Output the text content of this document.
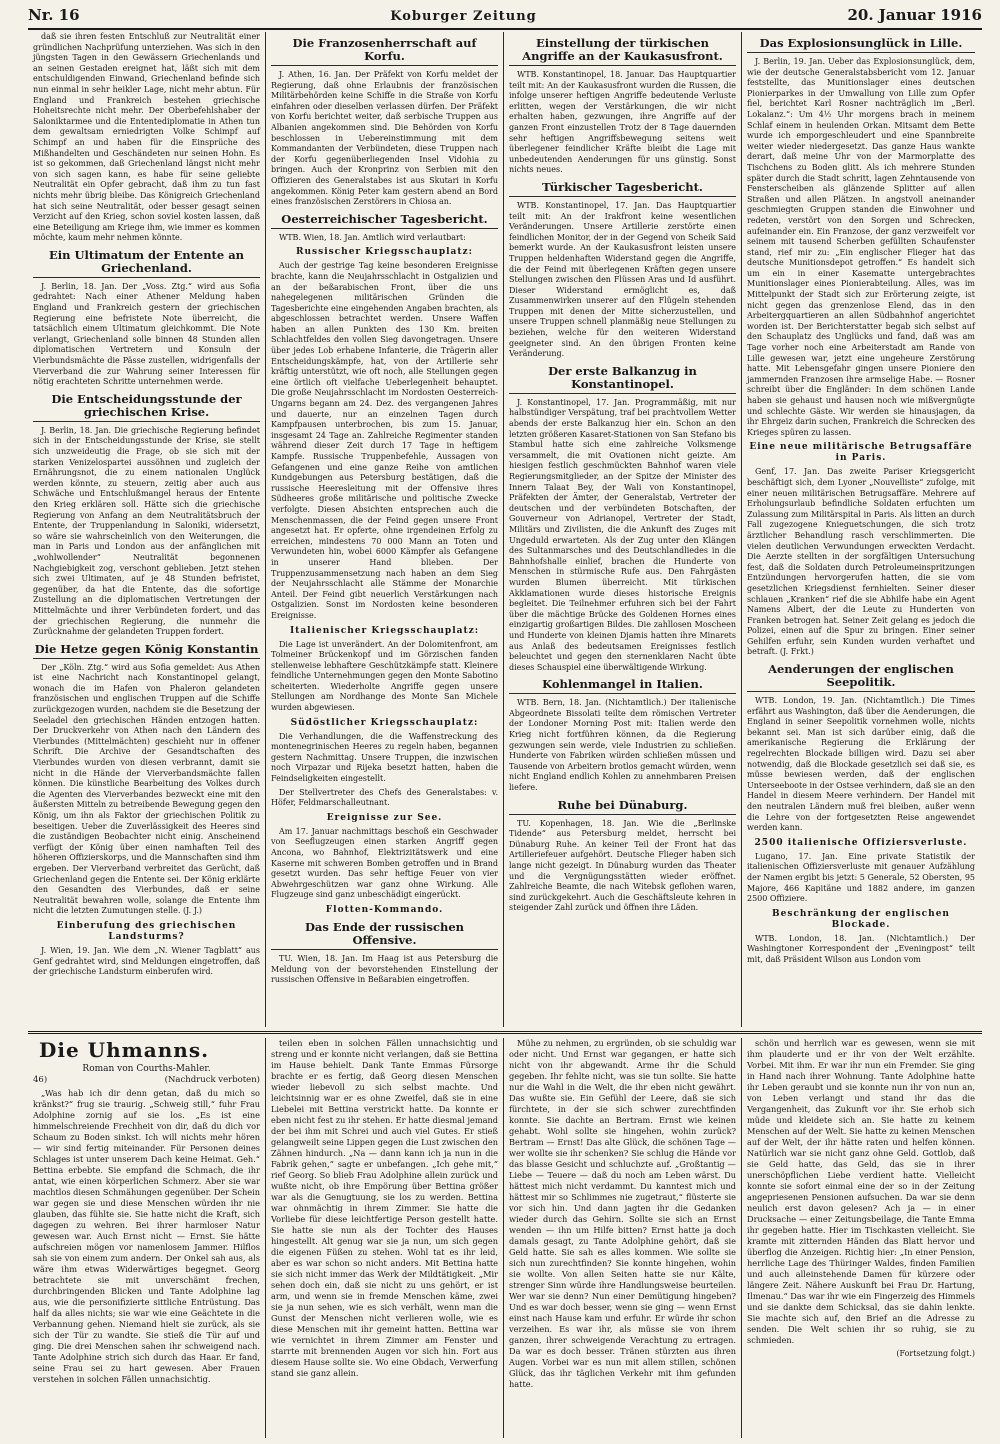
Nr. 16	Koburger Zeitung	20. Januar 1916

daß sie ihren festen Entschluß zur Neutralität einer gründlichen Nachprüfung unterziehen. Was sich in den jüngsten Tagen in den Gewässern Griechenlands und an seinen Gestaden ereignet hat, läßt sich mit dem entschuldigenden Einwand, Griechenland befinde sich nun einmal in sehr heikler Lage, nicht mehr abtun. Für England und Frankreich bestehen griechische Hoheitsrechte nicht mehr. Der Oberbefehlshaber der Saloniktarmee und die Ententediplomatie in Athen tun dem gewaltsam erniedrigten Volke Schimpf auf Schimpf an und haben für die Einsprüche des Mißhandelten und Geschändeten nur seinen Hohn. Es ist so gekommen, daß Griechenland längst nicht mehr von sich sagen kann, es habe für seine geliebte Neutralität ein Opfer gebracht, daß ihm zu tun fast nichts mehr übrig bleibe. Das Königreich Griechenland hat sich seine Neutralität, oder besser gesagt seinen Verzicht auf den Krieg, schon soviel kosten lassen, daß eine Beteiligung am Kriege ihm, wie immer es kommen möchte, kaum mehr nehmen könnte.

Ein Ultimatum der Entente an Griechenland.

J. Berlin, 18. Jan. Der „Voss. Ztg.“ wird aus Sofia gedrahtet: Nach einer Athener Meldung haben England und Frankreich gestern der griechischen Regierung eine befristete Note überreicht, die tatsächlich einem Ultimatum gleichkommt. Die Note verlangt, Griechenland solle binnen 48 Stunden allen diplomatischen Vertretern und Konsuln der Vierbundsmächte die Pässe zustellen, widrigenfalls der Vierverband die zur Wahrung seiner Interessen für nötig erachteten Schritte unternehmen werde.

Die Entscheidungsstunde der griechischen Krise.

J. Berlin, 18. Jan. Die griechische Regierung befindet sich in der Entscheidungsstunde der Krise, sie stellt sich unzweideutig die Frage, ob sie sich mit der starken Venizelospartei aussöhnen und zugleich der Ernährungsnot, die zu einem nationalen Unglück werden könnte, zu steuern, zeitig aber auch aus Schwäche und Entschlußmangel heraus der Entente den Krieg erklären soll. Hätte sich die griechische Regierung von Anfang an dem Neutralitätsbruch der Entente, der Truppenlandung in Saloniki, widersetzt, so wäre sie wahrscheinlich von den Weiterungen, die man in Paris und London aus der anfänglichen mit „wohlwollender“ Neutralität begonnenen Nachgiebigkeit zog, verschont geblieben. Jetzt stehen sich zwei Ultimaten, auf je 48 Stunden befristet, gegenüber, da hat die Entente, das die sofortige Zustellung an die diplomatischen Vertretungen der Mittelmächte und ihrer Verbündeten fordert, und das der griechischen Regierung, die nunmehr die Zurücknahme der gelandeten Truppen fordert.

Die Hetze gegen König Konstantin

Der „Köln. Ztg.“ wird aus Sofia gemeldet: Aus Athen ist eine Nachricht nach Konstantinopel gelangt, wonach die im Hafen von Phaleron gelandeten französischen und englischen Truppen auf die Schiffe zurückgezogen wurden, nachdem sie die Besetzung der Seeladel den griechischen Händen entzogen hatten. Der Druckverkehr von Athen nach den Ländern des Vierbundes (Mittelmächten) geschieht nur in offener Schrift. Die Archive der Gesandtschaften des Vierbundes wurden von diesen verbrannt, damit sie nicht in die Hände der Vierverbandsmächte fallen können. Die künstliche Bearbeitung des Volkes durch die Agenten des Vierverbandes bezweckt eine mit den äußersten Mitteln zu betreibende Bewegung gegen den König, um ihn als Faktor der griechischen Politik zu beseitigen. Ueber die Zuverlässigkeit des Heeres sind die zuständigen Beobachter nicht einig. Anscheinend verfügt der König über einen namhaften Teil des höheren Offizierskorps, und die Mannschaften sind ihm ergeben. Der Vierverband verbreitet das Gerücht, daß Griechenland gegen die Entente sei. Der König erklärte den Gesandten des Vierbundes, daß er seine Neutralität bewahren wolle, solange die Entente ihm nicht die letzten Zumutungen stelle. (J. J.)

Einberufung des griechischen Landsturms?

J. Wien, 19. Jan. Wie dem „N. Wiener Tagblatt“ aus Genf gedrahtet wird, sind Meldungen eingetroffen, daß der griechische Landsturm einberufen wird.

Die Franzosenherrschaft auf Korfu.

J. Athen, 16. Jan. Der Präfekt von Korfu meldet der Regierung, daß ohne Erlaubnis der französischen Militärbehörden keine Schiffe in die Straße von Korfu einfahren oder dieselben verlassen dürfen. Der Präfekt von Korfu berichtet weiter, daß serbische Truppen aus Albanien angekommen sind. Die Behörden von Korfu beschlossen in Uebereinstimmung mit dem Kommandanten der Verbündeten, diese Truppen nach der Korfu gegenüberliegenden Insel Vidohia zu bringen. Auch der Kronprinz von Serbien mit den Offizieren des Generalstabes ist aus Skutari in Korfu angekommen. König Peter kam gestern abend an Bord eines französischen Zerstörers in Chiosa an.

Oesterreichischer Tagesbericht.

WTB. Wien, 18. Jan. Amtlich wird verlautbart:

Russischer Kriegsschauplatz:

Auch der gestrige Tag keine besonderen Ereignisse brachte, kann die Neujahrsschlacht in Ostgalizien und an der beßarabischen Front, über die uns nahegelegenen militärischen Gründen die Tagesberichte eine eingehenden Angaben brachten, als abgeschlossen betrachtet werden. Unsere Waffen haben an allen Punkten des 130 Km. breiten Schlachtfeldes den vollen Sieg davongetragen. Unsere über jedes Lob erhabene Infanterie, die Trägerin aller Entscheidungskämpfe, hat, von der Artillerie sehr kräftig unterstützt, wie oft noch, alle Stellungen gegen eine örtlich oft vielfache Ueberlegenheit behauptet. Die große Neujahrsschlacht im Nordosten Oesterreich-Ungarns begann am 24. Dez. des vergangenen Jahres und dauerte, nur an einzelnen Tagen durch Kampfpausen unterbrochen, bis zum 15. Januar, insgesamt 24 Tage an. Zahlreiche Regimenter standen während dieser Zeit durch 17 Tage in heftigem Kampfe. Russische Truppenbefehle, Aussagen von Gefangenen und eine ganze Reihe von amtlichen Kundgebungen aus Petersburg bestätigen, daß die russische Heeresleitung mit der Offensive ihres Südheeres große militärische und politische Zwecke verfolgte. Diesen Absichten entsprechen auch die Menschenmassen, die der Feind gegen unsere Front angesetzt hat. Er opferte, ohne irgendeinen Erfolg zu erreichen, mindestens 70 000 Mann an Toten und Verwundeten hin, wobei 6000 Kämpfer als Gefangene in unserer Hand blieben. Der Truppenzusammensetzung nach haben an dem Sieg der Neujahrsschlacht alle Stämme der Monarchie Anteil. Der Feind gibt neuerlich Verstärkungen nach Ostgalizien. Sonst im Nordosten keine besonderen Ereignisse.

Italienischer Kriegsschauplatz:

Die Lage ist unverändert. An der Dolomitenfront, am Tolmeiner Brückenkopf und im Görzischen fanden stellenweise lebhaftere Geschützkämpfe statt. Kleinere feindliche Unternehmungen gegen den Monte Sabotino scheiterten. Wiederholte Angriffe gegen unsere Stellungen am Nordhange des Monte San Michele wurden abgewiesen.

Südöstlicher Kriegsschauplatz:

Die Verhandlungen, die die Waffenstreckung des montenegrinischen Heeres zu regeln haben, begannen gestern Nachmittag. Unsere Truppen, die inzwischen noch Virpazar und Rijeka besetzt hatten, haben die Feindseligkeiten eingestellt.

Der Stellvertreter des Chefs des Generalstabes: v. Höfer, Feldmarschalleutnant.

Ereignisse zur See.

Am 17. Januar nachmittags beschoß ein Geschwader von Seeflugzeugen einen starken Angriff gegen Ancona, wo Bahnhof, Elektrizitätswerk und eine Kaserne mit schweren Bomben getroffen und in Brand gesetzt wurden. Das sehr heftige Feuer von vier Abwehrgeschützen war ganz ohne Wirkung. Alle Flugzeuge sind ganz unbeschädigt eingerückt.

Flotten-Kommando.
Das Ende der russischen Offensive.

TU. Wien, 18. Jan. Im Haag ist aus Petersburg die Meldung von der bevorstehenden Einstellung der russischen Offensive in Beßarabien eingetroffen.

Einstellung der türkischen Angriffe an der Kaukasusfront.

WTB. Konstantinopel, 18. Januar. Das Hauptquartier teilt mit: An der Kaukasusfront wurden die Russen, die infolge unserer heftigen Angriffe bedeutende Verluste erlitten, wegen der Verstärkungen, die wir nicht erhalten haben, gezwungen, ihre Angriffe auf der ganzen Front einzustellen Trotz der 8 Tage dauernden sehr heftigen Angriffsbewegung seitens weit überlegener feindlicher Kräfte bleibt die Lage mit unbedeutenden Aenderungen für uns günstig. Sonst nichts neues.

Türkischer Tagesbericht.

WTB. Konstantinopel, 17. Jan. Das Hauptquartier teilt mit: An der Irakfront keine wesentlichen Veränderungen. Unsere Artillerie zerstörte einen feindlichen Monitor, der in der Gegend von Scheik Said bemerkt wurde. An der Kaukasusfront leisten unsere Truppen heldenhaften Widerstand gegen die Angriffe, die der Feind mit überlegenen Kräften gegen unsere Stellungen zwischen den Flüssen Aras und Id ausführt. Dieser Widerstand ermöglicht es, daß Zusammenwirken unserer auf den Flügeln stehenden Truppen mit denen der Mitte sicherzustellen, und unsere Truppen schnell planmäßig neue Stellungen zu beziehen, welche für den weiteren Widerstand geeigneter sind. An den übrigen Fronten keine Veränderung.

Der erste Balkanzug in Konstantinopel.

J. Konstantinopel, 17. Jan. Programmäßig, mit nur halbstündiger Verspätung, traf bei prachtvollem Wetter abends der erste Balkanzug hier ein. Schon an den letzten größeren Kasaret-Stationen von San Stefano bis Stambul hatte sich eine zahlreiche Volksmenge versammelt, die mit Ovationen nicht geizte. Am hiesigen festlich geschmückten Bahnhof waren viele Regierungsmitglieder, an der Spitze der Minister des Innern Talaat Bey, der Wali von Konstantinopel, Präfekten der Ämter, der Generalstab, Vertreter der deutschen und der verbündeten Botschaften, der Gouverneur von Adrianopel, Vertreter der Stadt, Militärs und Zivilisten, die die Ankunft des Zuges mit Ungeduld erwarteten. Als der Zug unter den Klängen des Sultanmarsches und des Deutschlandliedes in die Bahnhofshalle einlief, brachen die Hunderte von Menschen in stürmische Rufe aus. Den Fahrgästen wurden Blumen überreicht. Mit türkischen Akklamationen wurde dieses historische Ereignis begleitet. Die Teilnehmer erfuhren sich bei der Fahrt über die mächtige Brücke des Goldenen Hornes eines einzigartig großartigen Bildes. Die zahllosen Moscheen und Hunderte von kleinen Djamis hatten ihre Minarets aus Anlaß des bedeutsamen Ereignisses festlich beleuchtet und gegen den sternenklaren Nacht übte dieses Schauspiel eine überwältigende Wirkung.

Kohlenmangel in Italien.

WTB. Bern, 18. Jan. (Nichtamtlich.) Der italienische Abgeordnete Bissolati teilte dem römischen Vertreter der Londoner Morning Post mit: Italien werde den Krieg nicht fortführen können, da die Regierung gezwungen sein werde, viele Industrien zu schließen. Hunderte von Fabriken würden schließen müssen und Tausende von Arbeitern brotlos gemacht würden, wenn nicht England endlich Kohlen zu annehmbaren Preisen liefere.

Ruhe bei Dünaburg.

TU. Kopenhagen, 18. Jan. Wie die „Berlinske Tidende“ aus Petersburg meldet, herrscht bei Dünaburg Ruhe. An keiner Teil der Front hat das Artilleriefeuer aufgehört. Deutsche Flieger haben sich lange nicht gezeigt. In Dünaburg wurden das Theater und die Vergnügungsstätten wieder eröffnet. Zahlreiche Beamte, die nach Witebsk geflohen waren, sind zurückgekehrt. Auch die Geschäftsleute kehren in steigender Zahl zurück und öffnen ihre Läden.

Das Explosionsunglück in Lille.

J. Berlin, 19. Jan. Ueber das Explosionsunglück, dem, wie der deutsche Generalstabsbericht vom 12. Januar feststellte, das Munitionslager eines deutschen Pionierparkes in der Umwallung von Lille zum Opfer fiel, berichtet Karl Rosner nachträglich im „Berl. Lokalanz.“: Um 4½ Uhr morgens brach in meinem Schlaf einem in heulenden Orkan. Mitsamt dem Bette wurde ich emporgeschleudert und eine Spannbreite weiter wieder niedergesetzt. Das ganze Haus wankte derart, daß meine Uhr von der Marmorplatte des Tischchens zu Boden glitt. Als ich mehrere Stunden später durch die Stadt schritt, lagen Zehntausende von Fensterscheiben als glänzende Splitter auf allen Straßen und allen Plätzen. In angstvoll aneinander geschmiegten Gruppen standen die Einwohner und redeten, verstört von den Sorgen und Schrecken, aufeinander ein. Ein Franzose, der ganz verzweifelt vor seinem mit tausend Scherben gefüllten Schaufenster stand, rief mir zu: „Ein englischer Flieger hat das deutsche Munitionsdepot getroffen.“ Es handelt sich um ein in einer Kasematte untergebrachtes Munitionslager eines Pionierabteilung. Alles, was im Mittelpunkt der Stadt sich zur Erörterung zeigte, ist nicht gegen das grenzenlose Elend, das in den Arbeitergquartieren an allen Südbahnhof angerichtet worden ist. Der Berichterstatter begab sich selbst auf den Schauplatz des Unglücks und fand, daß was am Tage vorher noch eine Arbeiterstadt am Rande von Lille gewesen war, jetzt eine ungeheure Zerstörung hatte. Mit Lebensgefahr gingen unsere Pioniere den jammernden Franzosen ihre armselige Habe. — Rosner schreibt über die Engländer: In dem schönen Lande haben sie gehaust und hausen noch wie mißvergnügte und schlechte Gäste. Wir werden sie hinausjagen, da ihr Ehrgeiz darin suchen, Frankreich die Schrecken des Krieges spüren zu lassen.

Eine neue militärische Betrugsaffäre in Paris.

Genf, 17. Jan. Das zweite Pariser Kriegsgericht beschäftigt sich, dem Lyoner „Nouvelliste“ zufolge, mit einer neuen militärischen Betrugsaffäre. Mehrere auf Erholungsurlaub befindliche Soldaten erfuchten um Zulassung zum Militärspital in Paris. Als litten an durch Fall zugezogene Knieguetschungen, die sich trotz ärztlicher Behandlung rasch verschlimmerten. Die vielen deutlichen Verwundungen erweckten Verdacht. Die Aerzte stellten in der sorgfältigen Untersuchung fest, daß die Soldaten durch Petroleumeinspritzungen Entzündungen hervorgerufen hatten, die sie vom gesetzlichen Kriegsdienst fernhielten. Seiner dieser schlauen „Kranken“ rief die sie Abhilfe habe ein Agent Namens Albert, der die Leute zu Hunderten von Franken betrogen hat. Seiner Zeit gelang es jedoch die Polizei, einen auf die Spur zu bringen. Einer seiner Gehilfen erfuhr, sein Kunden wurden verhaftet und betraft. (J. Frkt.)

Aenderungen der englischen Seepolitik.

WTB. London, 19. Jan. (Nichtamtlich.) Die Times erfährt aus Washington, daß über die Aenderungen, die England in seiner Seepolitik vornehmen wolle, nichts bekannt sei. Man ist sich darüber einig, daß die amerikanische Regierung die Erklärung der regelrechten Blockade billigen wird. Dazu sei aber notwendig, daß die Blockade gesetzlich sei daß sie, es müsse bewiesen werden, daß der englischen Unterseeboote in der Ostsee verhindern, daß sie an den Handel in diesem Meere verhindern. Der Handel mit den neutralen Ländern muß frei bleiben, außer wenn die Lehre von der fortgesetzten Reise angewendet werden kann.

2500 italienische Offiziersverluste.

Lugano, 17. Jan. Eine private Statistik der italienischen Offiziersverluste mit genauer Aufzählung der Namen ergibt bis jetzt: 5 Generale, 52 Obersten, 95 Majore, 466 Kapitäne und 1882 andere, im ganzen 2500 Offiziere.

Beschränkung der englischen Blockade.

WTB. London, 18. Jan. (Nichtamtlich.) Der Washingtoner Korrespondent der „Eveningpost“ teilt mit, daß Präsident Wilson aus London vom

Die Uhmanns.
Roman von Courths-Mahler.
46)	(Nachdruck verboten)

„Was hab ich dir denn getan, daß du mich so kränkst?“ frug sie traurig. „Schweig still,“ fuhr Frau Adolphine zornig auf sie los. „Es ist eine himmelschreiende Frechheit von dir, daß du dich vor Schaum zu Boden sinkst. Ich will nichts mehr hören — wir sind fertig miteinander. Für Personen deines Schlages ist unter unserem Dach keine Heimat. Geh.“ Bettina erbebte. Sie empfand die Schmach, die ihr antat, wie einen körperlichen Schmerz. Aber sie war machtlos diesen Schmähungen gegenüber. Der Schein war gegen sie und diese Menschen würden ihr nie glauben, das fühlte sie. Sie hatte nicht die Kraft, sich dagegen zu wehren. Bei ihrer harmloser Natur gewesen war. Auch Ernst nicht — Ernst. Sie hätte aufschreien mögen vor namenlosem Jammer. Hilflos sah sie von einem zum andern. Der Onkel sah aus, als wäre ihm etwas Widerwärtiges begegnet. Georg betrachtete sie mit unverschämt frechen, durchbringenden Blicken und Tante Adolphine lag aus, wie die personifizierte sittliche Entrüstung. Das half da alles nichts; sie war wie eine Geächtete in die Verbannung gehen. Niemand hielt sie zurück, als sie sich der Tür zu wandte. Sie stieß die Tür auf und ging. Die drei Menschen sahen ihr schweigend nach. Tante Adolphine strich sich durch das Haar. Er fand, seine Frau sei zu hart gewesen. Aber Frauen verstehen in solchen Fällen unnachsichtig.

teilen eben in solchen Fällen unnachsichtig und streng und er konnte nicht verlangen, daß sie Bettina im Hause behielt. Dank Tante Emmas Fürsorge brachte er es fertig, daß Georg diesen Menschen wieder liebevoll zu sich selbst machte. Und leichtsinnig war er es ohne Zweifel, daß sie in eine Liebelei mit Bettina verstrickt hatte. Da konnte er eben nicht fest zu ihr stehen. Er hatte diesmal jemand der bei ihm mit Schrei und auch viel Gutes. Er stieß gelangweilt seine Lippen gegen die Lust zwischen den Zähnen hindurch. „Na — dann kann ich ja nun in die Fabrik gehen,“ sagte er unbefangen. „Ich gehe mit,“ rief Georg. So blieb Frau Adolphine allein zurück und wußte nicht, ob ihre Empörung über Bettina größer war als die Genugtuung, sie los zu werden. Bettina war ohnmächtig in ihrem Zimmer. Sie hatte die Vorliebe für diese leichtfertige Person gestellt hatte. Sie hatte sie nun als der Tochter des Hauses hingestellt. Alt genug war sie ja nun, um sich gegen die eigenen Füßen zu stehen. Wohl tat es ihr leid, aber es war schon so nicht anders. Mit Bettina hatte sie sich nicht immer das Werk der Mildtätigkeit. „Mir sehen doch ein, daß sie nicht zu uns gehört, er ist arm, und wenn sie in fremde Menschen käme, zwei sie ja nun sehen, wie es sich verhält, wenn man die Gunst der Menschen nicht verlieren wolle, wie es diese Menschen mit ihr gemeint hatten. Bettina war wie vernichtet in ihrem Zimmer am Fenster und starrte mit brennenden Augen vor sich hin. Fort aus diesem Hause sollte sie. Wo eine Obdach, Verwerfung stand sie ganz allein.

Mühe zu nehmen, zu ergründen, ob sie schuldig war oder nicht. Und Ernst war gegangen, er hatte sich nicht von ihr abgewandt. Arme ihr die Schuld gegeben. Ihr fehlte nicht, was sie tun sollte. Sie hatte nur die Wahl in die Welt, die ihr eben nicht gewährt. Das wußte sie. Ein Gefühl der Leere, daß sie sich fürchtete, in der sie sich schwer zurechtfinden konnte. Sie dachte an Bertram. Ernst wie keinen gehabt. Wohl sollte sie hingehen, wohin zurück? Bertram — Ernst! Das alte Glück, die schönen Tage — wer wollte sie ihr schenken? Sie schlug die Hände vor das blasse Gesicht und schluchzte auf. „Großtantig — Liebe — Teuere — daß du noch am Leben wärst. Du hättest mich nicht verdammt. Du kanntest mich und hättest mir so Schlimmes nie zugetraut,“ flüsterte sie vor sich hin. Und dann jagten ihr die Gedanken wieder durch das Gehirn. Sollte sie sich an Ernst wenden — ihn um Hilfe bitten? Ernst hatte ja doch damals gesagt, zu Tante Adolphine gehört, daß sie Geld hatte. Sie sah es alles kommen. Wie sollte sie sich nun zurechtfinden? Sie konnte hingehen, wohin sie wollte. Von allen Seiten hatte sie nur Kälte, strenger Sinn würde ihre Handlungsweise beurteilen. Wer war sie denn? Nun einer Demütigung hingeben? Und es war doch besser, wenn sie ging — wenn Ernst einst nach Hause kam und erfuhr. Er würde ihr schon verzeihen. Es war ihr, als müsse sie von ihrem ganzen, ihrer schweigende Verachtung zu ertragen. Da war es doch besser. Tränen stürzten aus ihren Augen. Vorbei war es nun mit allem stillen, schönen Glück, das ihr täglichen Verkehr mit ihm gefunden hatte.

schön und herrlich war es gewesen, wenn sie mit ihm plauderte und er ihr von der Welt erzählte. Vorbei. Mit ihm. Er war ihr nun ein Fremder. Sie ging in Hand nach ihrer Wohnung. Tante Adolphine hatte ihr Leben geraubt und sie konnte nun ihr von nun an, von Leben verlangt und stand ihr das die Vergangenheit, das Zukunft vor ihr. Sie erhob sich müde und kleidete sich an. Sie hatte zu keinem Menschen auf der Welt. Sie hatte zu keinen Menschen auf der Welt, der ihr hätte raten und helfen können. Natürlich war sie nicht ganz ohne Geld. Gottlob, daß sie Geld hatte, das Geld, das sie in ihrer unerschöpflichen Liebe verdient hatte. Vielleicht konnte sie sofort einmal eine der so in der Zeitung angepriesenen Pensionen aufsuchen. Da war sie denn neulich erst davon gelesen? Ach ja — in einer Drucksache — einer Zeitungsbeilage, die Tante Emma ihr gegeben hatte. Hier im Tischkasten vielleicht. Sie kramte mit zitternden Händen das Blatt hervor und überflog die Anzeigen. Richtig hier: „In einer Pension, herrliche Lage des Thüringer Waldes, finden Familien und auch alleinstehende Damen für kürzere oder längere Zeit. Nähere Auskunft bei Frau Dr. Hartung, Ilmenau.“ Das war ihr wie ein Fingerzeig des Himmels und sie dankte dem Schicksal, das sie dahin lenkte. Sie machte sich auf, den Brief an die Adresse zu senden. Die Welt schien ihr so ruhig, sie zu schmieden.

(Fortsetzung folgt.)
